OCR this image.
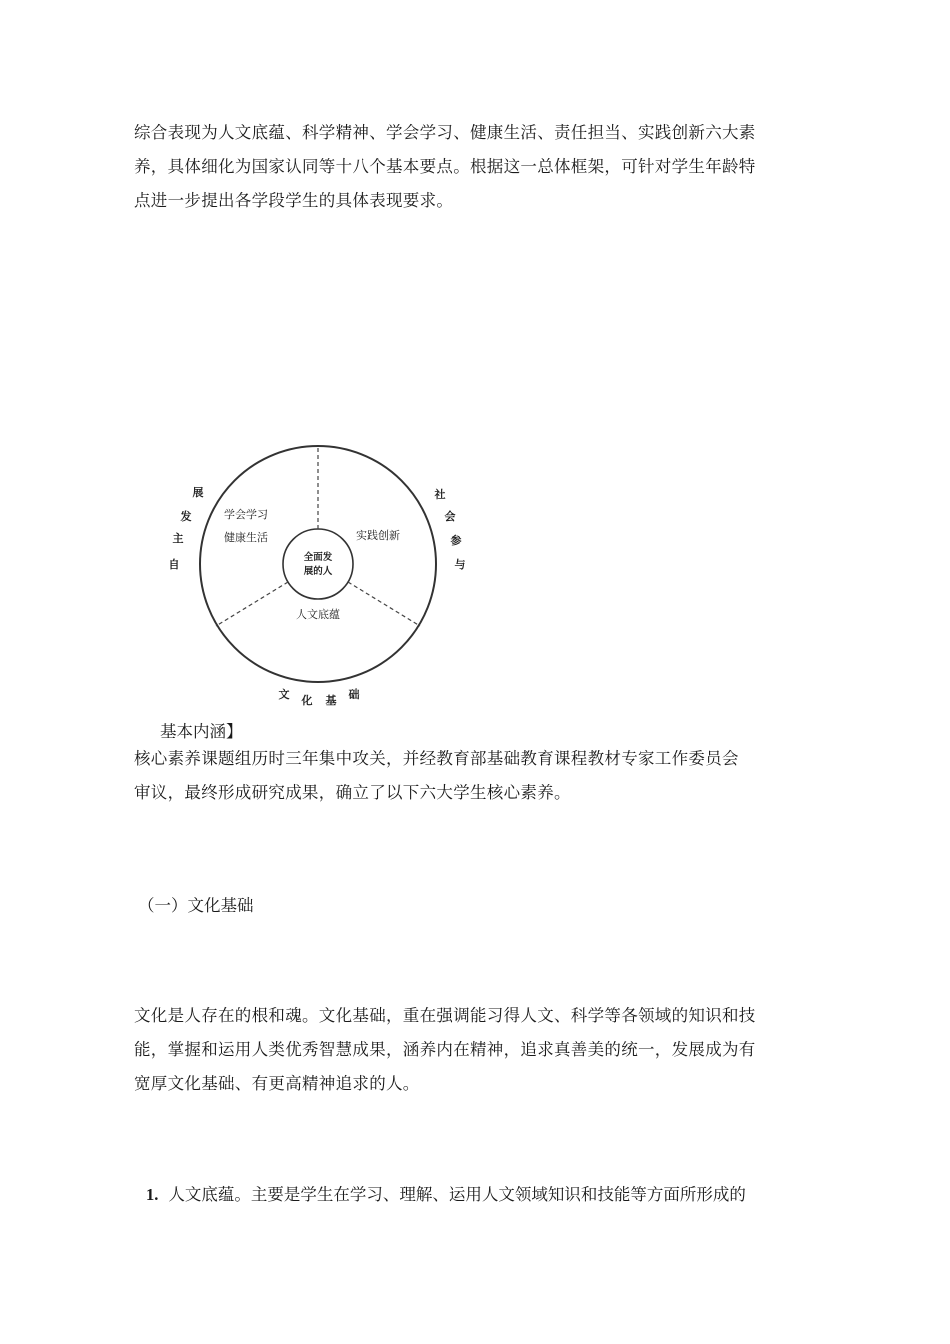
综合表现为人文底蕴、科学精神、学会学习、健康生活、责任担当、实践创新六大素
养，具体细化为国家认同等十八个基本要点。根据这一总体框架，可针对学生年龄特
点进一步提出各学段学生的具体表现要求。
学会学习
健康生活	实践创新
人文底蕴
全面发
展的人
展
发
主
自
社
会
参
与
文 化 基 础

基本内涵】

核心素养课题组历时三年集中攻关，并经教育部基础教育课程教材专家工作委员会
审议，最终形成研究成果，确立了以下六大学生核心素养。

（一）文化基础

文化是人存在的根和魂。文化基础，重在强调能习得人文、科学等各领域的知识和技
能，掌握和运用人类优秀智慧成果，涵养内在精神，追求真善美的统一，发展成为有
宽厚文化基础、有更高精神追求的人。

1. 人文底蕴。主要是学生在学习、理解、运用人文领域知识和技能等方面所形成的
